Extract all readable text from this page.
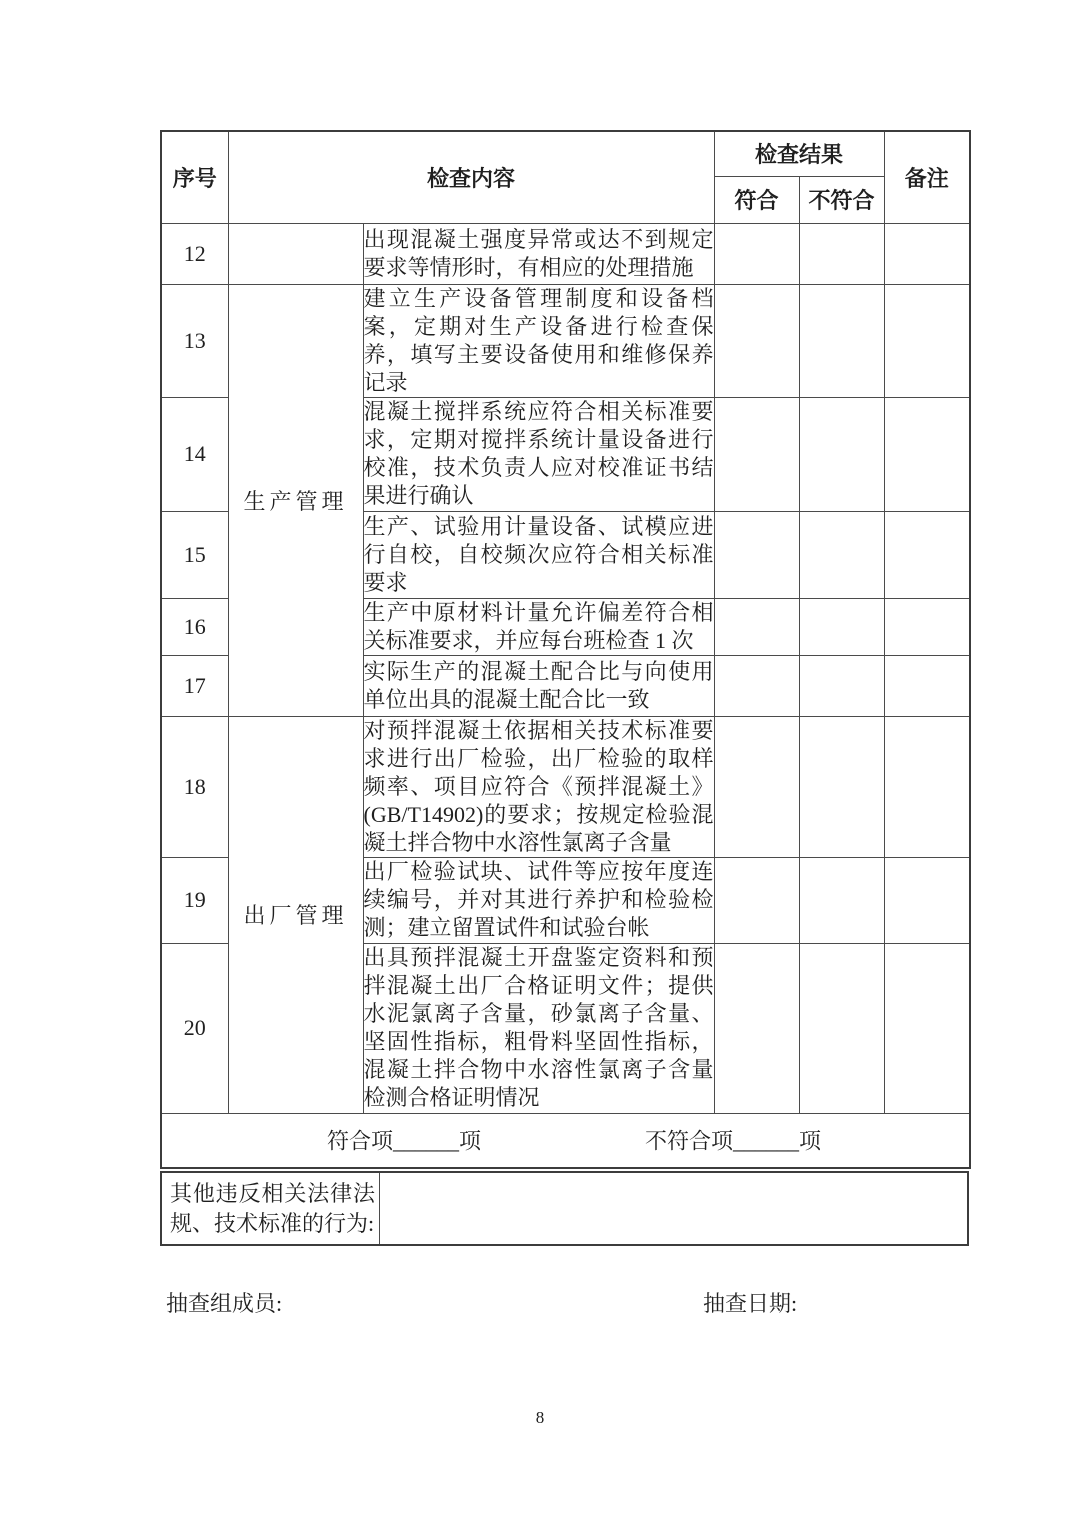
序号	检查内容		检查结果		备注
			符合	不符合	
12		出现混凝土强度异常或达不到规定要求等情形时，有相应的处理措施			
13	生产管理	建立生产设备管理制度和设备档案，定期对生产设备进行检查保养，填写主要设备使用和维修保养记录			
14		混凝土搅拌系统应符合相关标准要求，定期对搅拌系统计量设备进行校准，技术负责人应对校准证书结果进行确认			
15		生产、试验用计量设备、试模应进行自校，自校频次应符合相关标准要求			
16		生产中原材料计量允许偏差符合相关标准要求，并应每台班检查 1 次			
17		实际生产的混凝土配合比与向使用单位出具的混凝土配合比一致			
18	出厂管理	对预拌混凝土依据相关技术标准要求进行出厂检验，出厂检验的取样频率、项目应符合《预拌混凝土》(GB/T14902)的要求；按规定检验混凝土拌合物中水溶性氯离子含量			
19		出厂检验试块、试件等应按年度连续编号，并对其进行养护和检验检测；建立留置试件和试验台帐			
20		出具预拌混凝土开盘鉴定资料和预拌混凝土出厂合格证明文件；提供水泥氯离子含量，砂氯离子含量、坚固性指标，粗骨料坚固性指标，混凝土拌合物中水溶性氯离子含量检测合格证明情况			

符合项______项 不符合项______项					
其他违反相关法律法规、技术标准的行为:
抽查组成员:	抽查日期:
8
